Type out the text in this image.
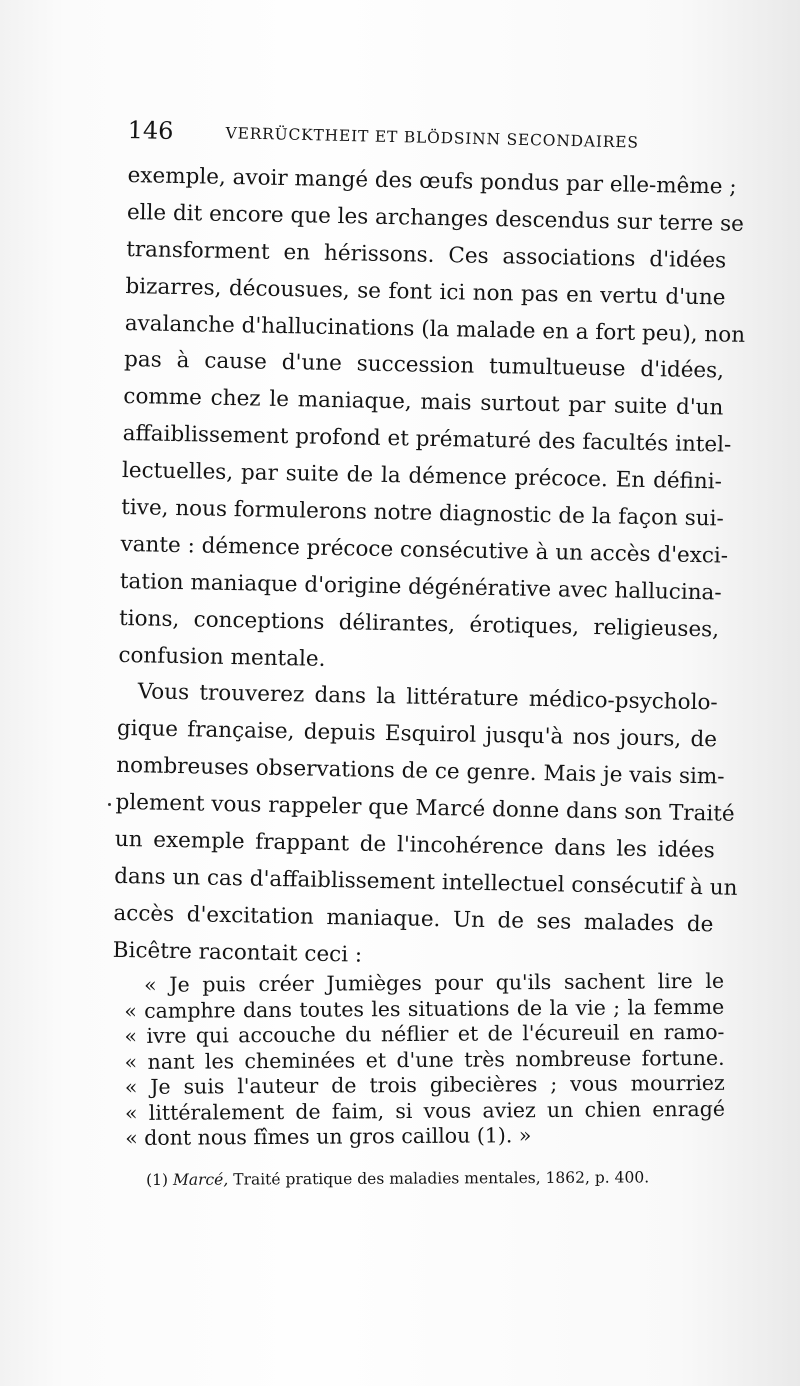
146	VERRÜCKTHEIT ET BLÖDSINN SECONDAIRES
exemple, avoir mangé des œufs pondus par elle-même ;
elle dit encore que les archanges descendus sur terre se
transforment en hérissons. Ces associations d'idées
bizarres, décousues, se font ici non pas en vertu d'une
avalanche d'hallucinations (la malade en a fort peu), non
pas à cause d'une succession tumultueuse d'idées,
comme chez le maniaque, mais surtout par suite d'un
affaiblissement profond et prématuré des facultés intel-
lectuelles, par suite de la démence précoce. En défini-
tive, nous formulerons notre diagnostic de la façon sui-
vante : démence précoce consécutive à un accès d'exci-
tation maniaque d'origine dégénérative avec hallucina-
tions, conceptions délirantes, érotiques, religieuses,
confusion mentale.
Vous trouverez dans la littérature médico-psycholo-
gique française, depuis Esquirol jusqu'à nos jours, de
nombreuses observations de ce genre. Mais je vais sim-
plement vous rappeler que Marcé donne dans son Traité
un exemple frappant de l'incohérence dans les idées
dans un cas d'affaiblissement intellectuel consécutif à un
accès d'excitation maniaque. Un de ses malades de
Bicêtre racontait ceci :
« Je puis créer Jumièges pour qu'ils sachent lire le
« camphre dans toutes les situations de la vie ; la femme
« ivre qui accouche du néflier et de l'écureuil en ramo-
« nant les cheminées et d'une très nombreuse fortune.
« Je suis l'auteur de trois gibecières ; vous mourriez
« littéralement de faim, si vous aviez un chien enragé
« dont nous fîmes un gros caillou (1). »
(1) Marcé, Traité pratique des maladies mentales, 1862, p. 400.
